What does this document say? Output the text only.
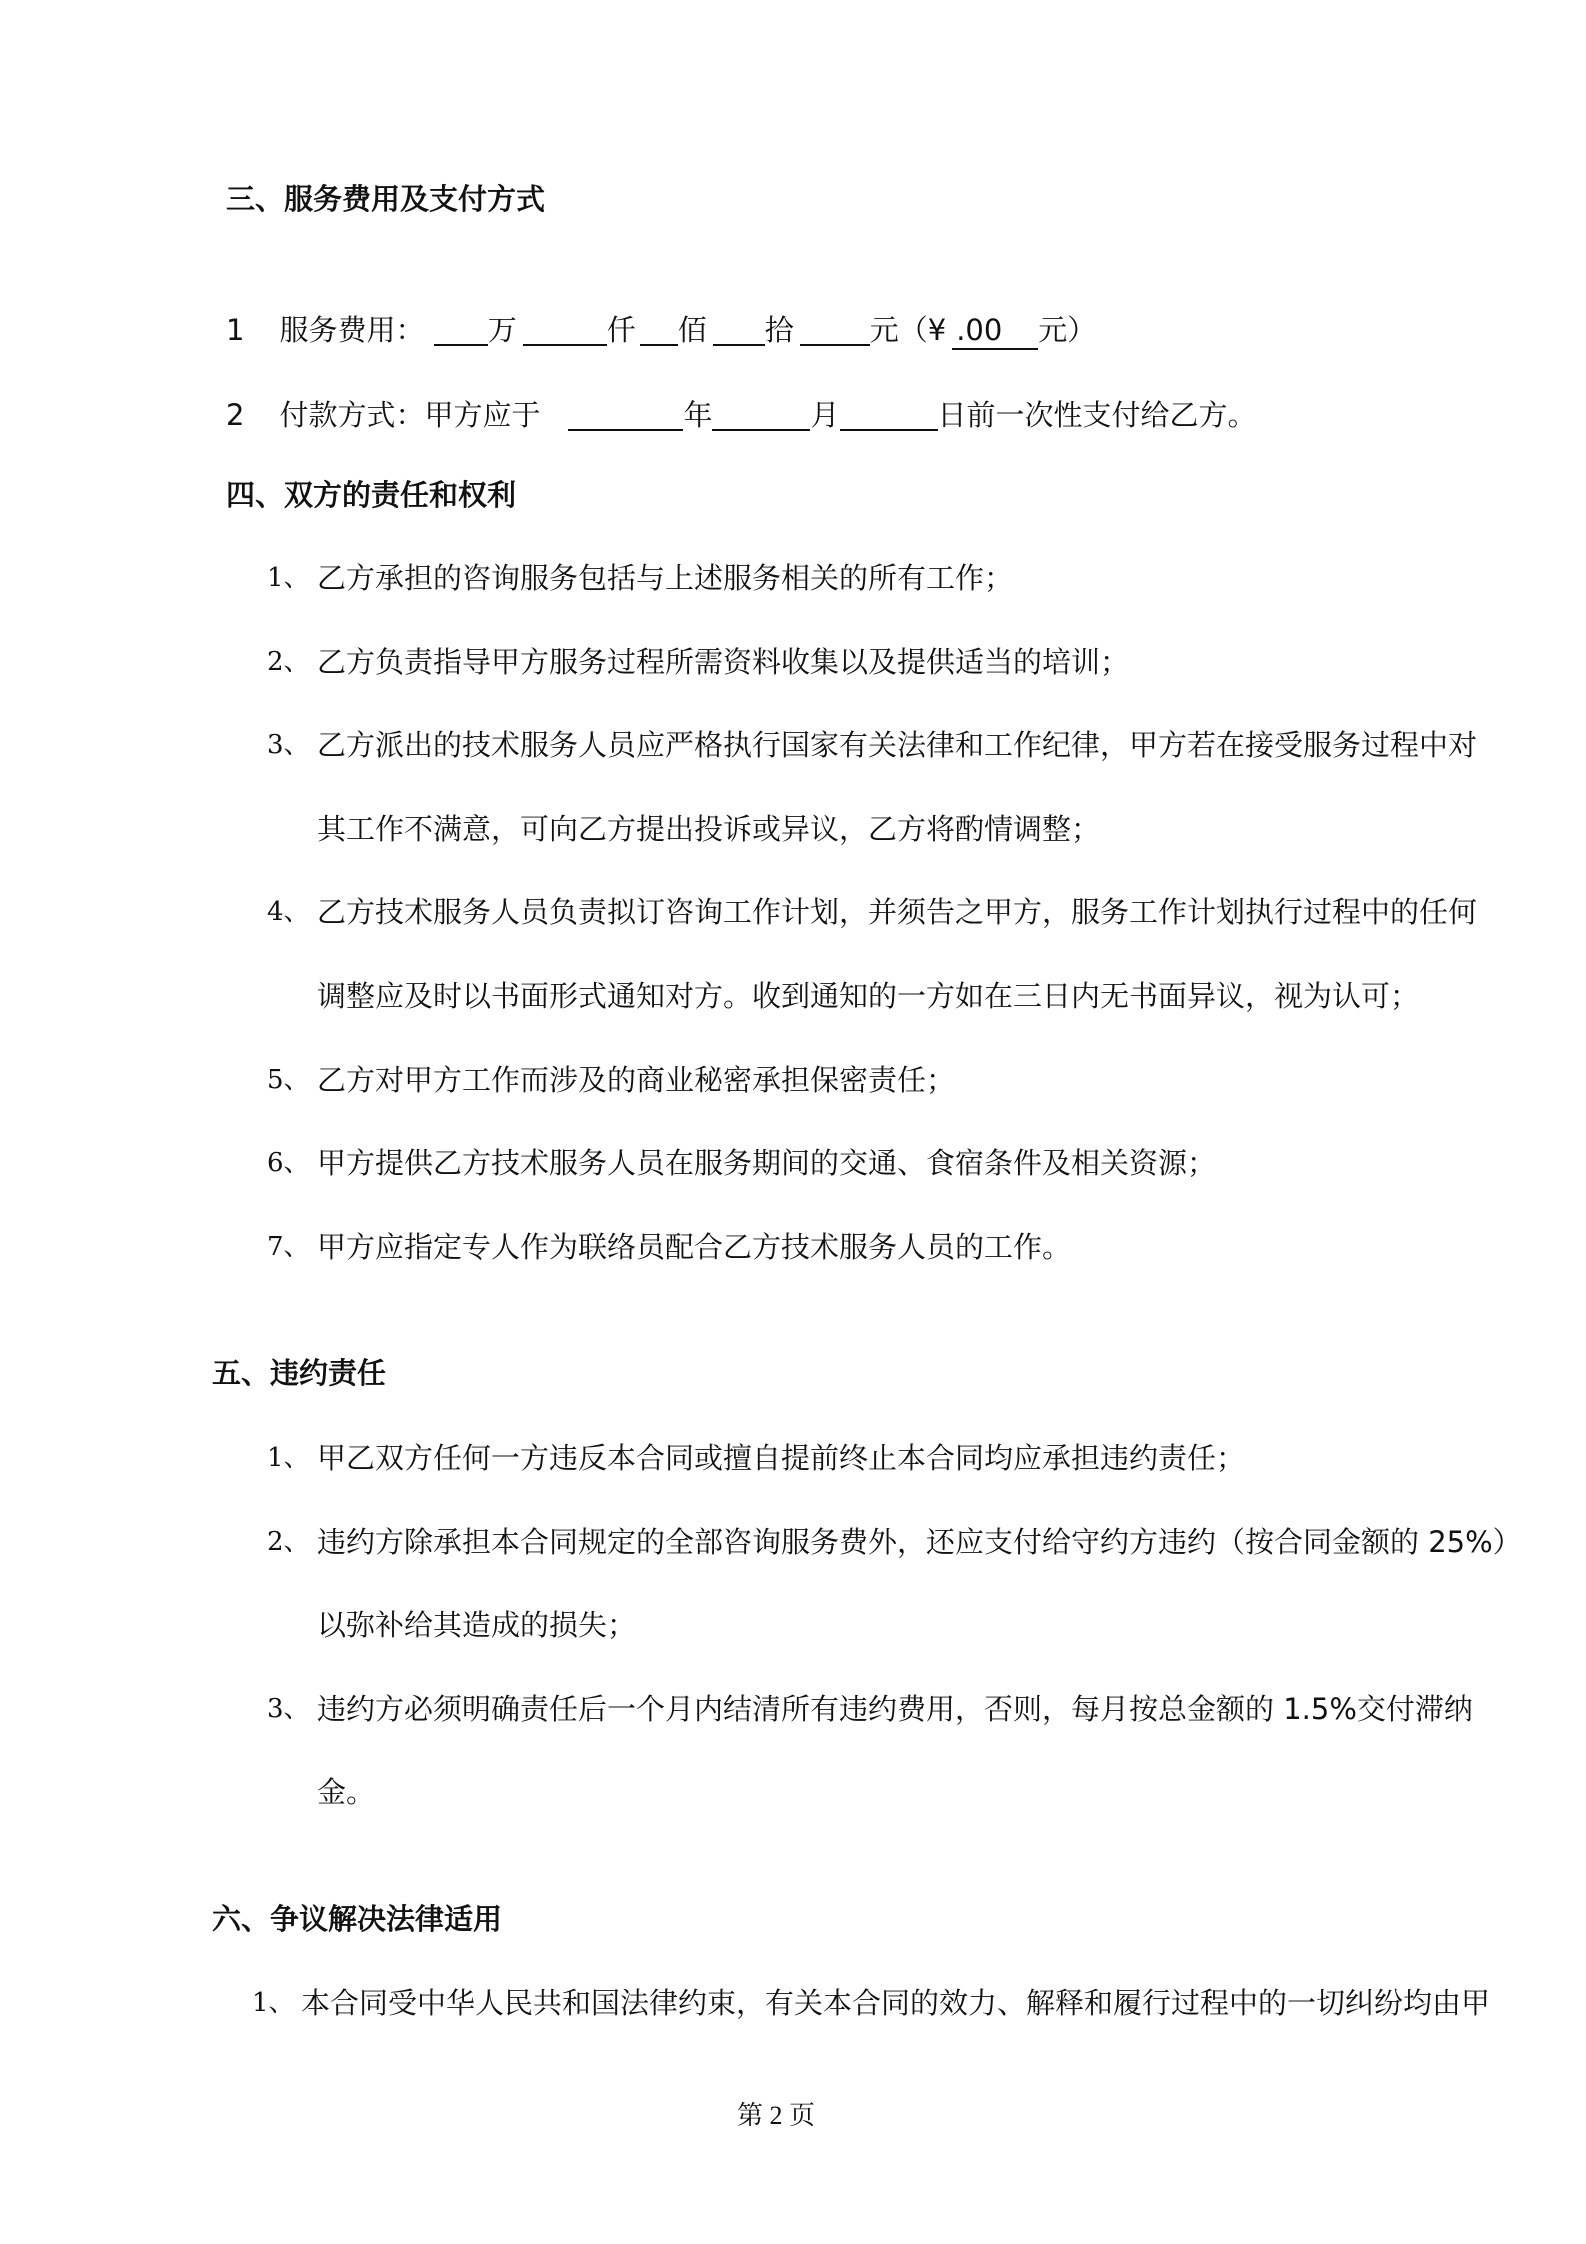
三、服务费用及支付方式
1 服务费用： 万	仟 佰 拾	元（¥ .00 元）
2 付款方式：甲方应于	年	月	日前一次性支付给乙方。
四、双方的责任和权利
1、 乙方承担的咨询服务包括与上述服务相关的所有工作；
2、 乙方负责指导甲方服务过程所需资料收集以及提供适当的培训；
3、 乙方派出的技术服务人员应严格执行国家有关法律和工作纪律，甲方若在接受服务过程中对
其工作不满意，可向乙方提出投诉或异议，乙方将酌情调整；
4、 乙方技术服务人员负责拟订咨询工作计划，并须告之甲方，服务工作计划执行过程中的任何
调整应及时以书面形式通知对方。收到通知的一方如在三日内无书面异议，视为认可；
5、 乙方对甲方工作而涉及的商业秘密承担保密责任；
6、 甲方提供乙方技术服务人员在服务期间的交通、食宿条件及相关资源；
7、 甲方应指定专人作为联络员配合乙方技术服务人员的工作。
五、违约责任
1、 甲乙双方任何一方违反本合同或擅自提前终止本合同均应承担违约责任；
2、 违约方除承担本合同规定的全部咨询服务费外，还应支付给守约方违约（按合同金额的 25%）
以弥补给其造成的损失；
3、 违约方必须明确责任后一个月内结清所有违约费用，否则，每月按总金额的 1.5%交付滞纳
金。
六、争议解决法律适用
1、 本合同受中华人民共和国法律约束，有关本合同的效力、解释和履行过程中的一切纠纷均由甲
第 2 页
